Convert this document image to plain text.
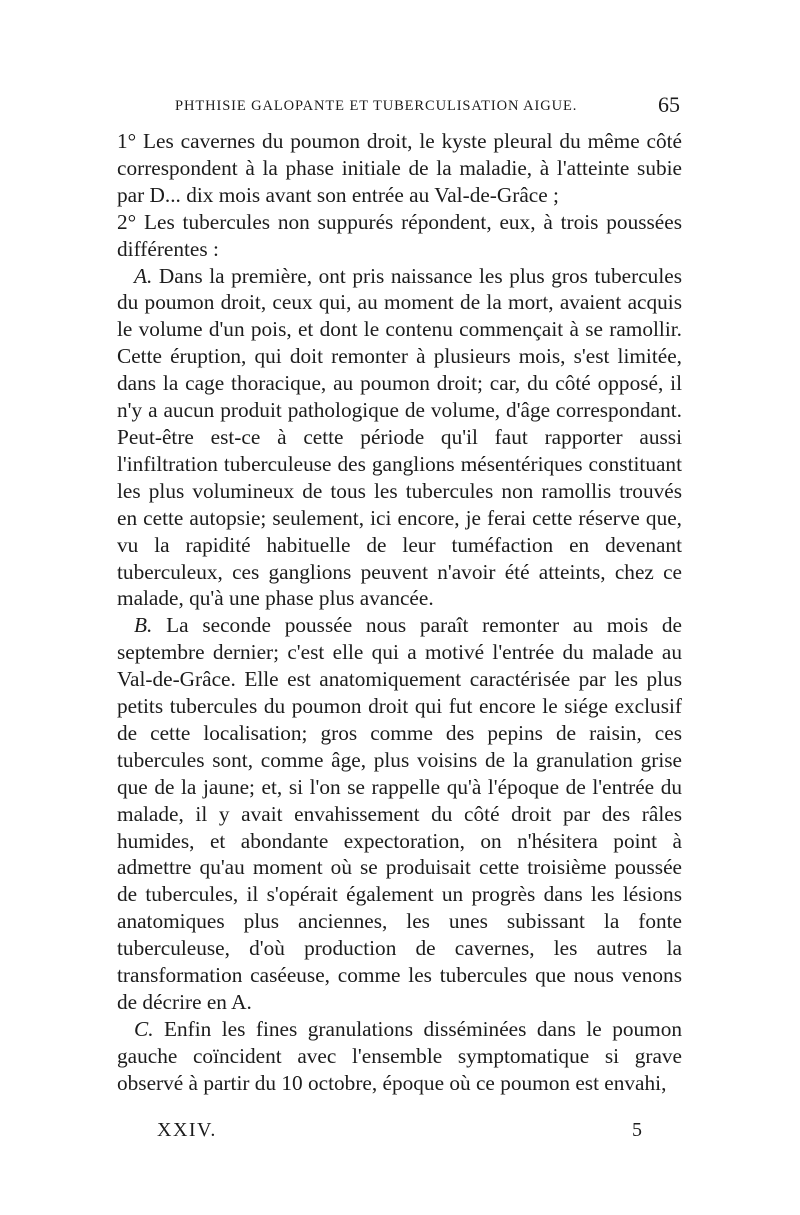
PHTHISIE GALOPANTE ET TUBERCULISATION AIGUE.	65

1° Les cavernes du poumon droit, le kyste pleural du même côté correspondent à la phase initiale de la maladie, à l'atteinte subie par D... dix mois avant son entrée au Val-de-Grâce ;

2° Les tubercules non suppurés répondent, eux, à trois poussées différentes :

A. Dans la première, ont pris naissance les plus gros tubercules du poumon droit, ceux qui, au moment de la mort, avaient acquis le volume d'un pois, et dont le contenu commençait à se ramollir. Cette éruption, qui doit remonter à plusieurs mois, s'est limitée, dans la cage thoracique, au poumon droit; car, du côté opposé, il n'y a aucun produit pathologique de volume, d'âge correspondant. Peut-être est-ce à cette période qu'il faut rapporter aussi l'infiltration tuberculeuse des ganglions mésentériques constituant les plus volumineux de tous les tubercules non ramollis trouvés en cette autopsie; seulement, ici encore, je ferai cette réserve que, vu la rapidité habituelle de leur tuméfaction en devenant tuberculeux, ces ganglions peuvent n'avoir été atteints, chez ce malade, qu'à une phase plus avancée.

B. La seconde poussée nous paraît remonter au mois de septembre dernier; c'est elle qui a motivé l'entrée du malade au Val-de-Grâce. Elle est anatomiquement caractérisée par les plus petits tubercules du poumon droit qui fut encore le siége exclusif de cette localisation; gros comme des pepins de raisin, ces tubercules sont, comme âge, plus voisins de la granulation grise que de la jaune; et, si l'on se rappelle qu'à l'époque de l'entrée du malade, il y avait envahissement du côté droit par des râles humides, et abondante expectoration, on n'hésitera point à admettre qu'au moment où se produisait cette troisième poussée de tubercules, il s'opérait également un progrès dans les lésions anatomiques plus anciennes, les unes subissant la fonte tuberculeuse, d'où production de cavernes, les autres la transformation caséeuse, comme les tubercules que nous venons de décrire en A.

C. Enfin les fines granulations disséminées dans le poumon gauche coïncident avec l'ensemble symptomatique si grave observé à partir du 10 octobre, époque où ce poumon est envahi,

XXIV.	5
